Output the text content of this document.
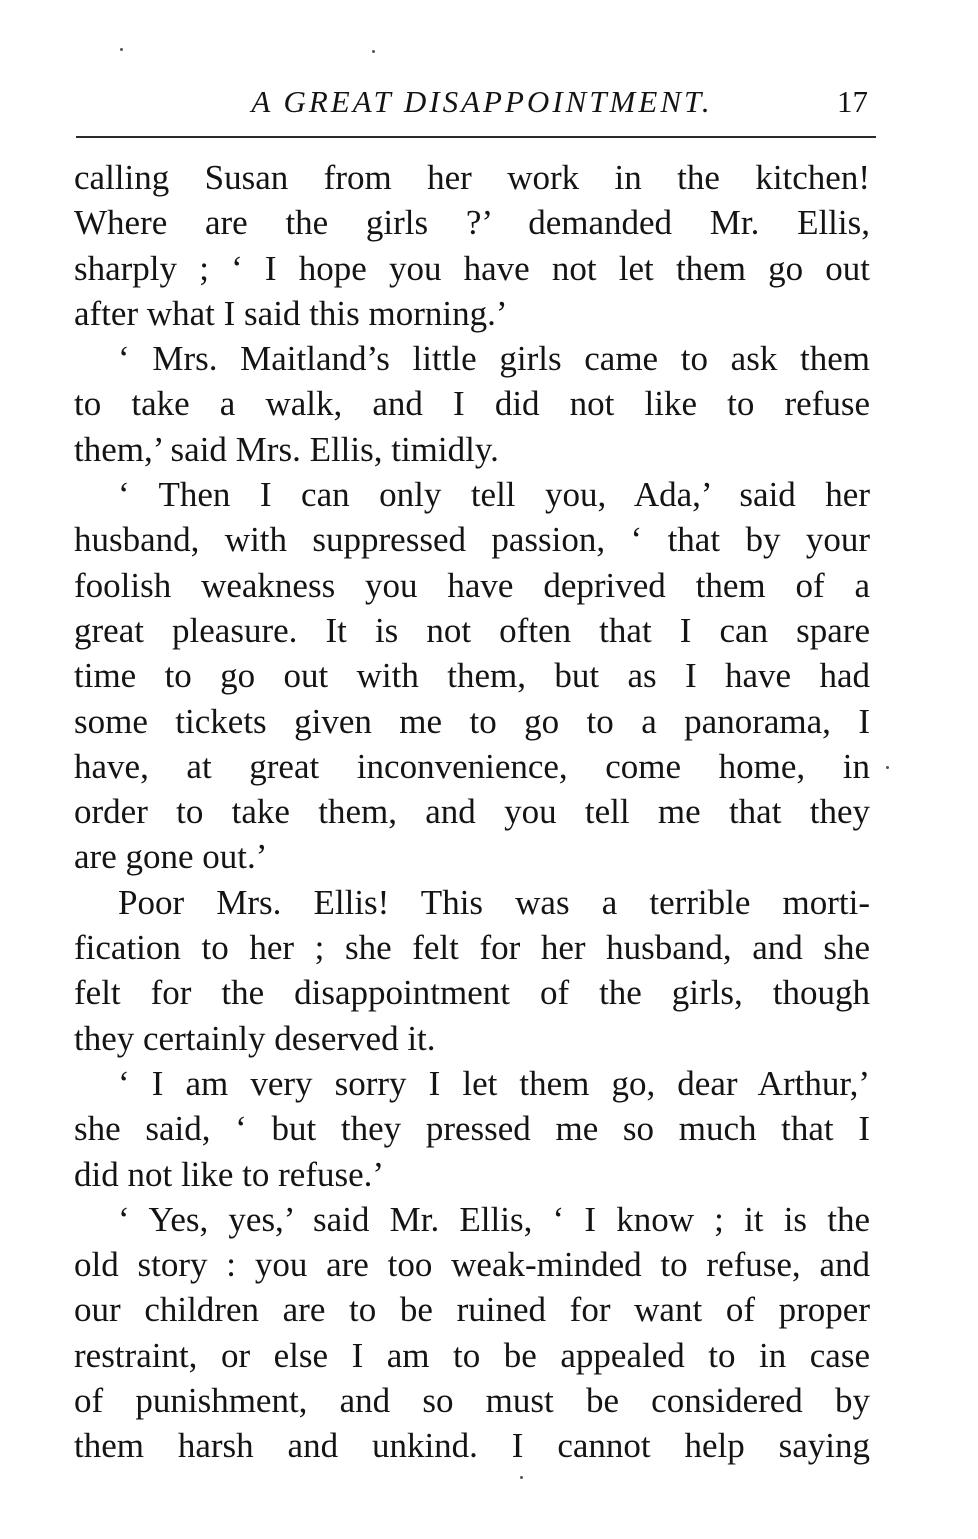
A GREAT DISAPPOINTMENT.	17
calling Susan from her work in the kitchen!
Where are the girls ?’ demanded Mr. Ellis,
sharply ; ‘ I hope you have not let them go out
after what I said this morning.’
‘ Mrs. Maitland’s little girls came to ask them
to take a walk, and I did not like to refuse
them,’ said Mrs. Ellis, timidly.
‘ Then I can only tell you, Ada,’ said her
husband, with suppressed passion, ‘ that by your
foolish weakness you have deprived them of a
great pleasure. It is not often that I can spare
time to go out with them, but as I have had
some tickets given me to go to a panorama, I
have, at great inconvenience, come home, in
order to take them, and you tell me that they
are gone out.’
Poor Mrs. Ellis! This was a terrible morti-
fication to her ; she felt for her husband, and she
felt for the disappointment of the girls, though
they certainly deserved it.
‘ I am very sorry I let them go, dear Arthur,’
she said, ‘ but they pressed me so much that I
did not like to refuse.’
‘ Yes, yes,’ said Mr. Ellis, ‘ I know ; it is the
old story : you are too weak-minded to refuse, and
our children are to be ruined for want of proper
restraint, or else I am to be appealed to in case
of punishment, and so must be considered by
them harsh and unkind. I cannot help saying
